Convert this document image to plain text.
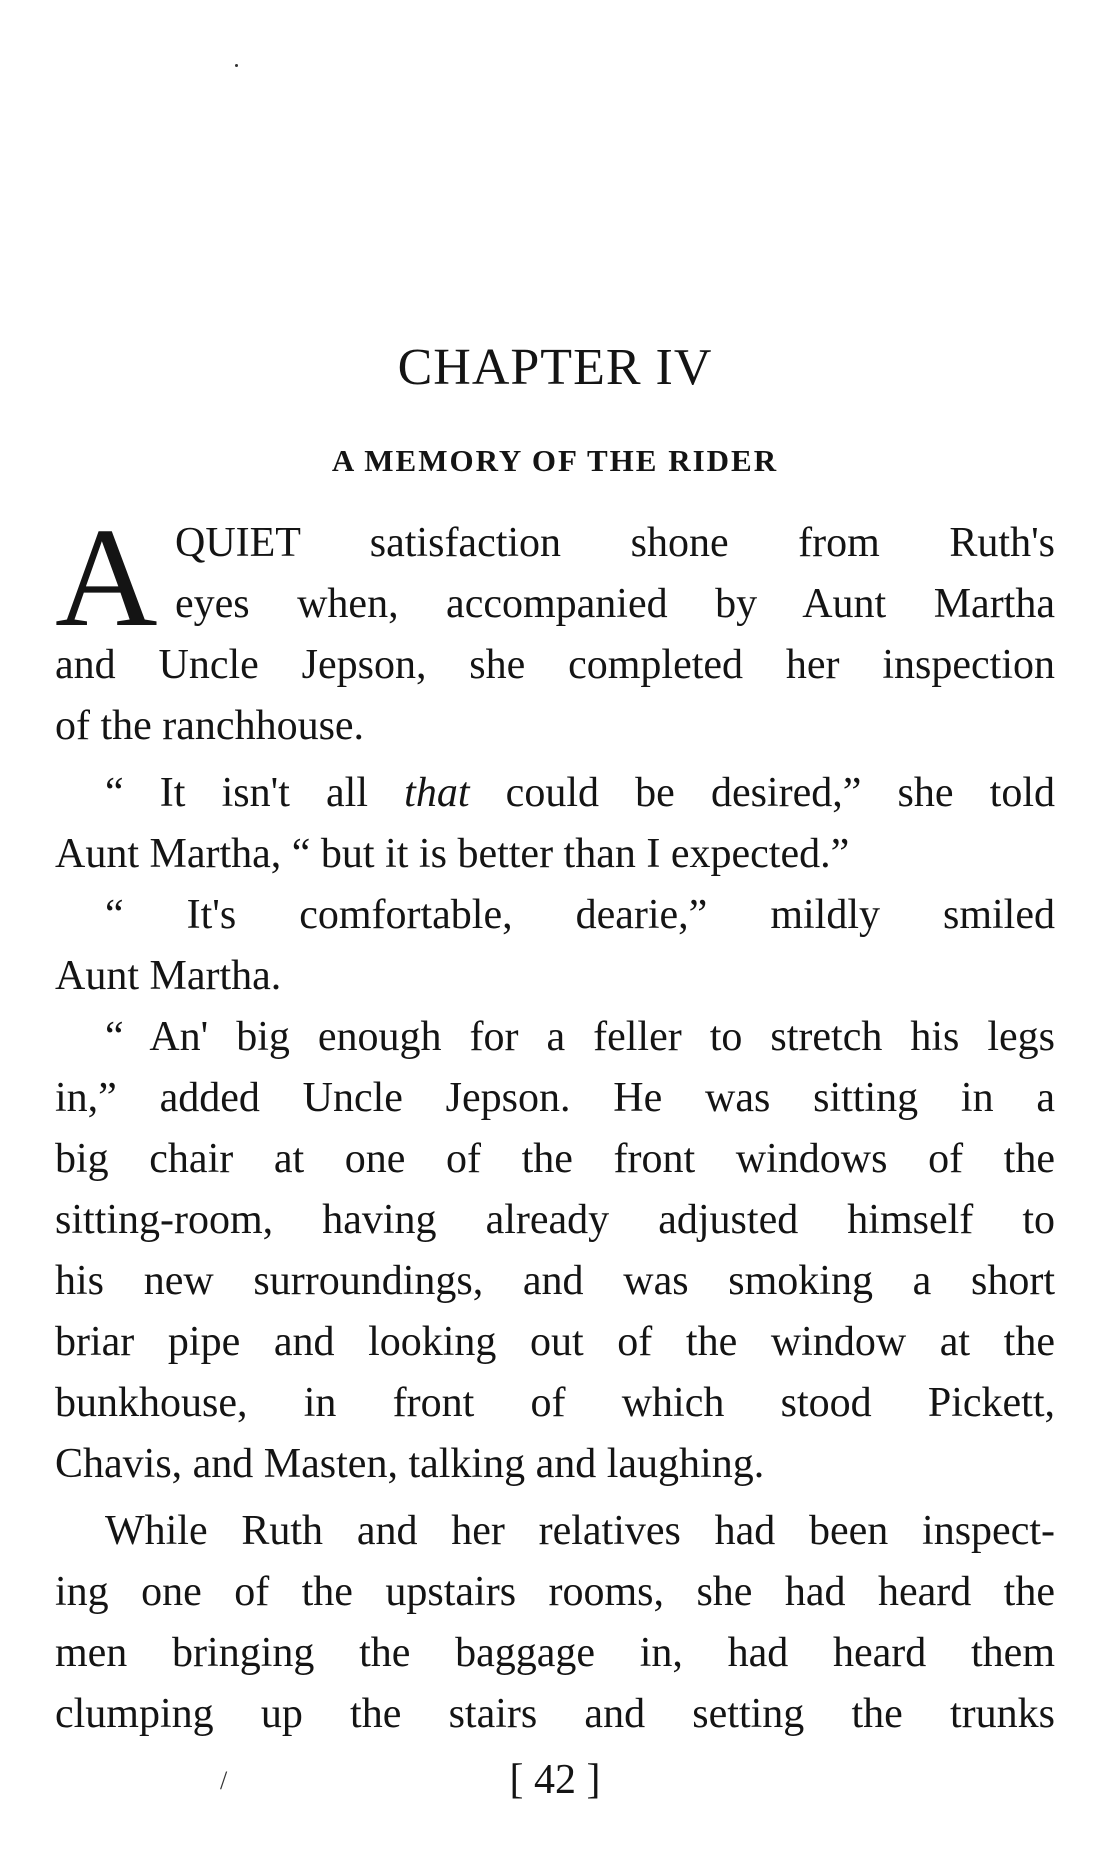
CHAPTER IV
A MEMORY OF THE RIDER
A QUIET satisfaction shone from Ruth's
eyes when, accompanied by Aunt Martha
and Uncle Jepson, she completed her inspection
of the ranchhouse.
“ It isn't all that could be desired,” she told
Aunt Martha, “ but it is better than I expected.”
“ It's comfortable, dearie,” mildly smiled
Aunt Martha.
“ An' big enough for a feller to stretch his legs
in,” added Uncle Jepson. He was sitting in a
big chair at one of the front windows of the
sitting-room, having already adjusted himself to
his new surroundings, and was smoking a short
briar pipe and looking out of the window at the
bunkhouse, in front of which stood Pickett,
Chavis, and Masten, talking and laughing.
While Ruth and her relatives had been inspect-
ing one of the upstairs rooms, she had heard the
men bringing the baggage in, had heard them
clumping up the stairs and setting the trunks
/	[ 42 ]
